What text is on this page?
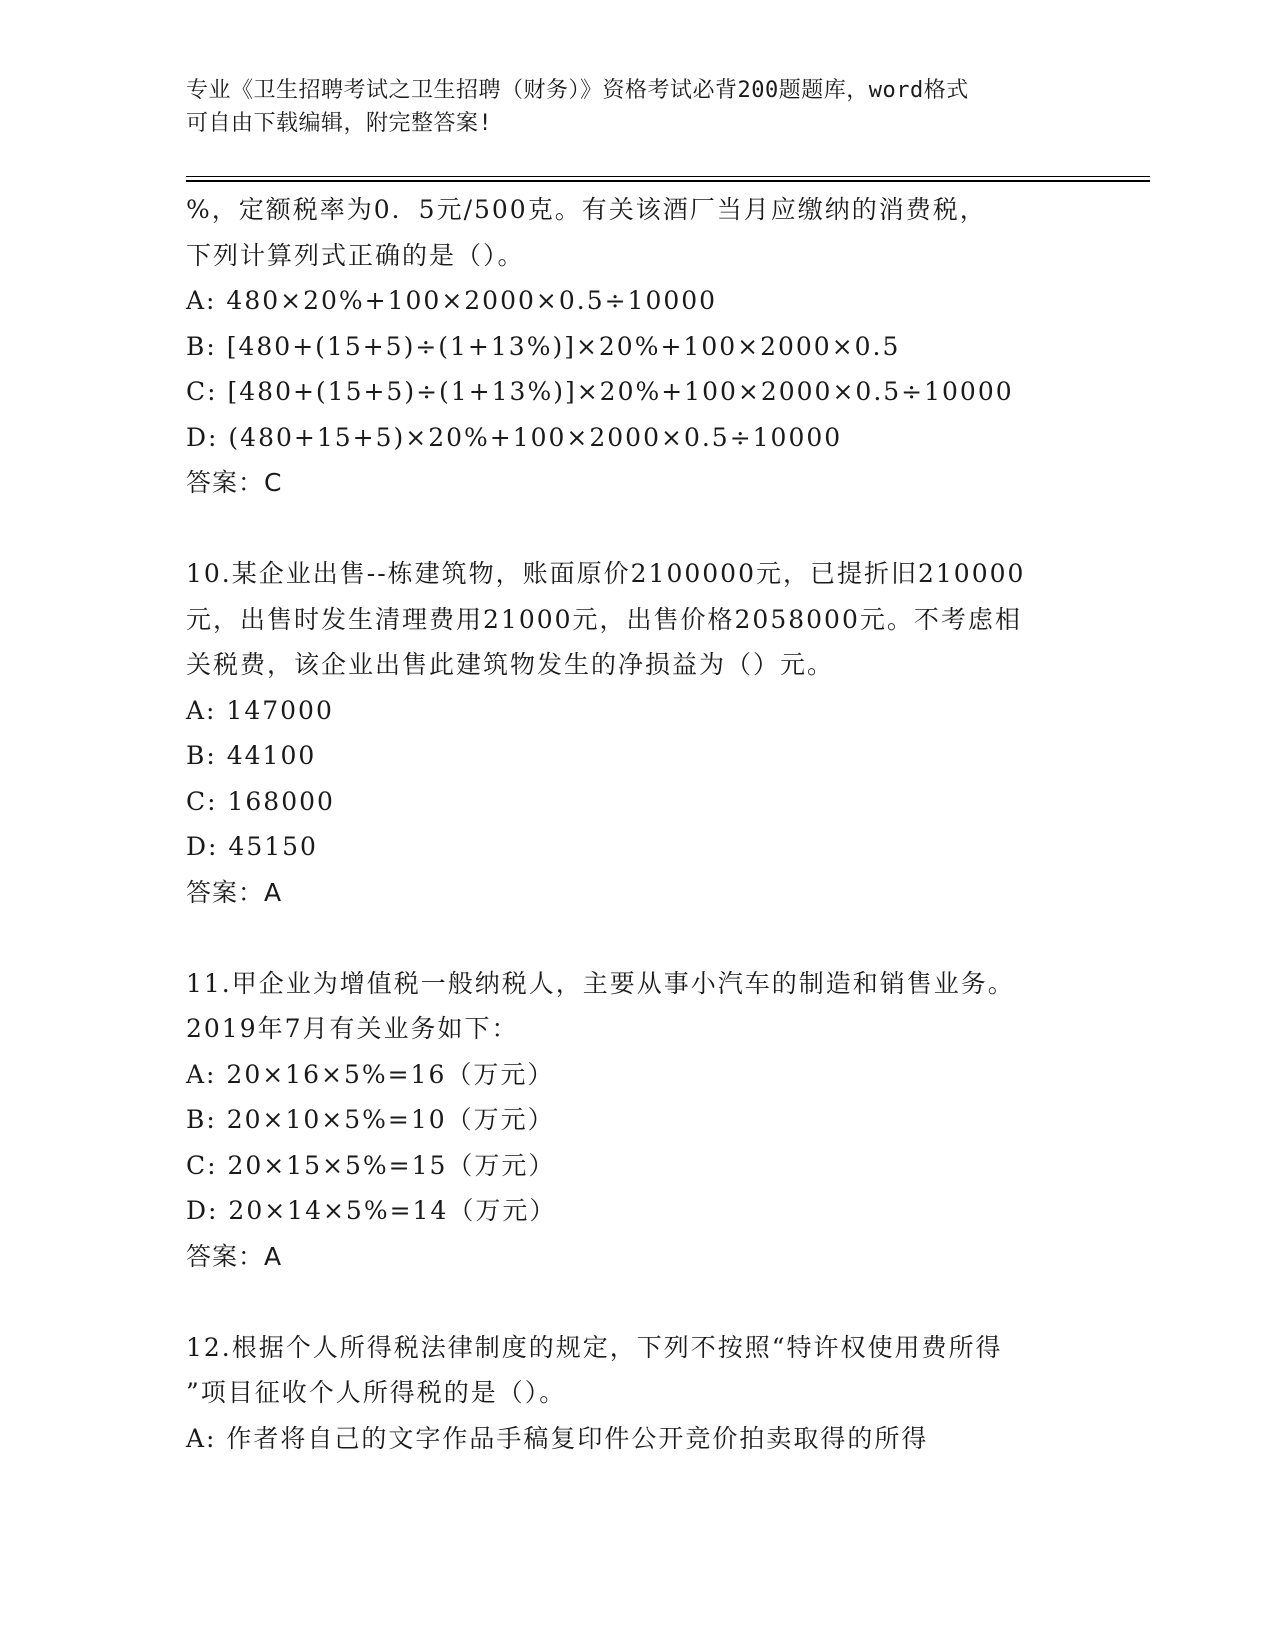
专业《卫生招聘考试之卫生招聘（财务）》资格考试必背200题题库，word格式
可自由下载编辑，附完整答案!
%，定额税率为0．5元/500克。有关该酒厂当月应缴纳的消费税，
下列计算列式正确的是（）。
A: 480×20%+100×2000×0.5÷10000
B: [480+(15+5)÷(1+13%)]×20%+100×2000×0.5
C: [480+(15+5)÷(1+13%)]×20%+100×2000×0.5÷10000
D: (480+15+5)×20%+100×2000×0.5÷10000
答案：C
10.某企业出售--栋建筑物，账面原价2100000元，已提折旧210000
元，出售时发生清理费用21000元，出售价格2058000元。不考虑相
关税费，该企业出售此建筑物发生的净损益为（）元。
A: 147000
B: 44100
C: 168000
D: 45150
答案：A
11.甲企业为增值税一般纳税人，主要从事小汽车的制造和销售业务。
2019年7月有关业务如下：
A: 20×16×5%=16（万元）
B: 20×10×5%=10（万元）
C: 20×15×5%=15（万元）
D: 20×14×5%=14（万元）
答案：A
12.根据个人所得税法律制度的规定，下列不按照“特许权使用费所得
”项目征收个人所得税的是（）。
A: 作者将自己的文字作品手稿复印件公开竞价拍卖取得的所得
